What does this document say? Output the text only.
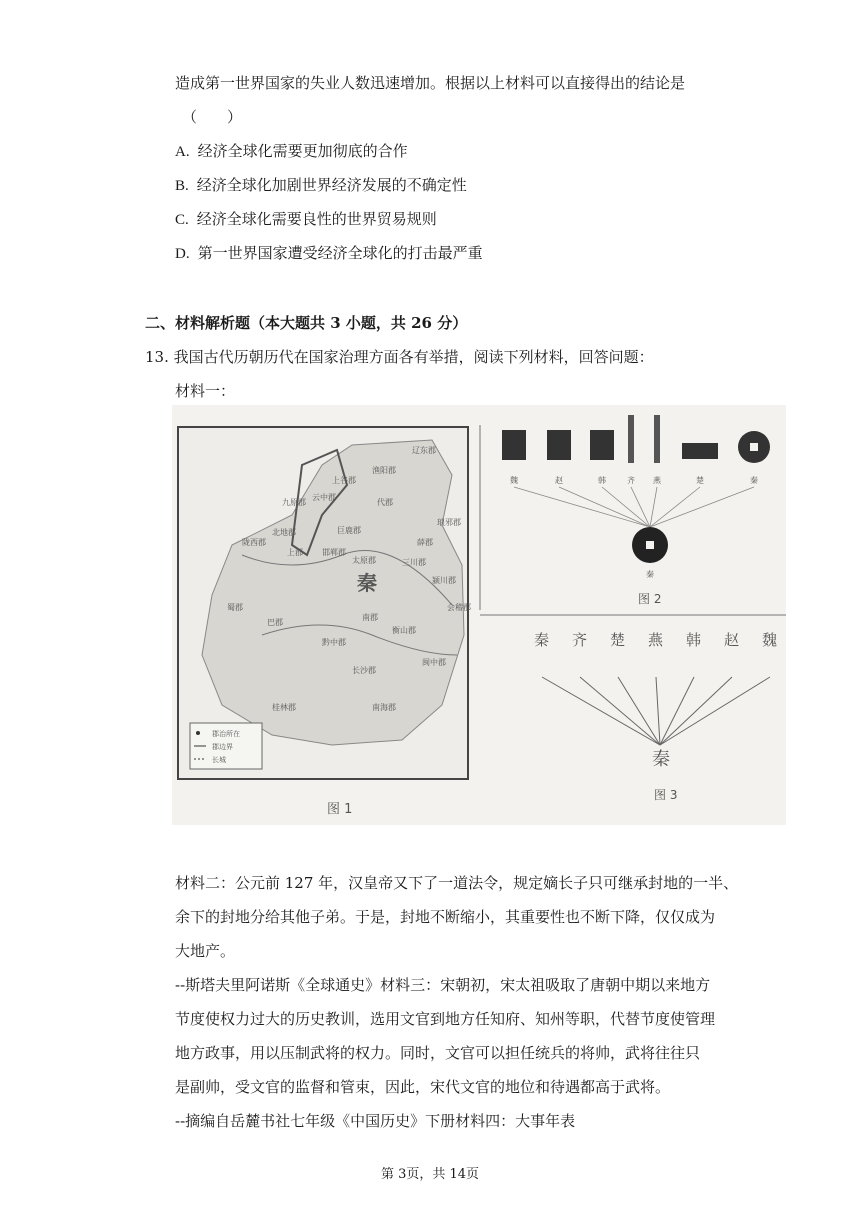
造成第一世界国家的失业人数迅速增加。根据以上材料可以直接得出的结论是
（　　）
A. 经济全球化需要更加彻底的合作
B. 经济全球化加剧世界经济发展的不确定性
C. 经济全球化需要良性的世界贸易规则
D. 第一世界国家遭受经济全球化的打击最严重
二、材料解析题（本大题共 3 小题，共 26 分）
13. 我国古代历朝历代在国家治理方面各有举措，阅读下列材料，回答问题：
材料一：
秦
辽东郡
渔阳郡
代郡
上谷郡
云中郡
九原郡
巨鹿郡
邯郸郡
陇西郡
北地郡
上郡
太原郡	三川郡
颍川郡
琅邪郡
薛郡
蜀郡
巴郡
南郡
衡山郡
会稽郡
黔中郡
长沙郡
闽中郡
桂林郡	南海郡
郡治所在
郡边界
长城
图 1
魏	赵	韩	齐 燕	楚	秦
秦
图 2
秦 齐 楚 燕 韩 赵 魏
秦
图 3
材料二：公元前 127 年，汉皇帝又下了一道法令，规定嫡长子只可继承封地的一半、
余下的封地分给其他子弟。于是，封地不断缩小，其重要性也不断下降，仅仅成为
大地产。
--斯塔夫里阿诺斯《全球通史》材料三：宋朝初，宋太祖吸取了唐朝中期以来地方
节度使权力过大的历史教训，选用文官到地方任知府、知州等职，代替节度使管理
地方政事，用以压制武将的权力。同时，文官可以担任统兵的将帅，武将往往只
是副帅，受文官的监督和管束，因此，宋代文官的地位和待遇都高于武将。
--摘编自岳麓书社七年级《中国历史》下册材料四：大事年表
第 3页，共 14页
